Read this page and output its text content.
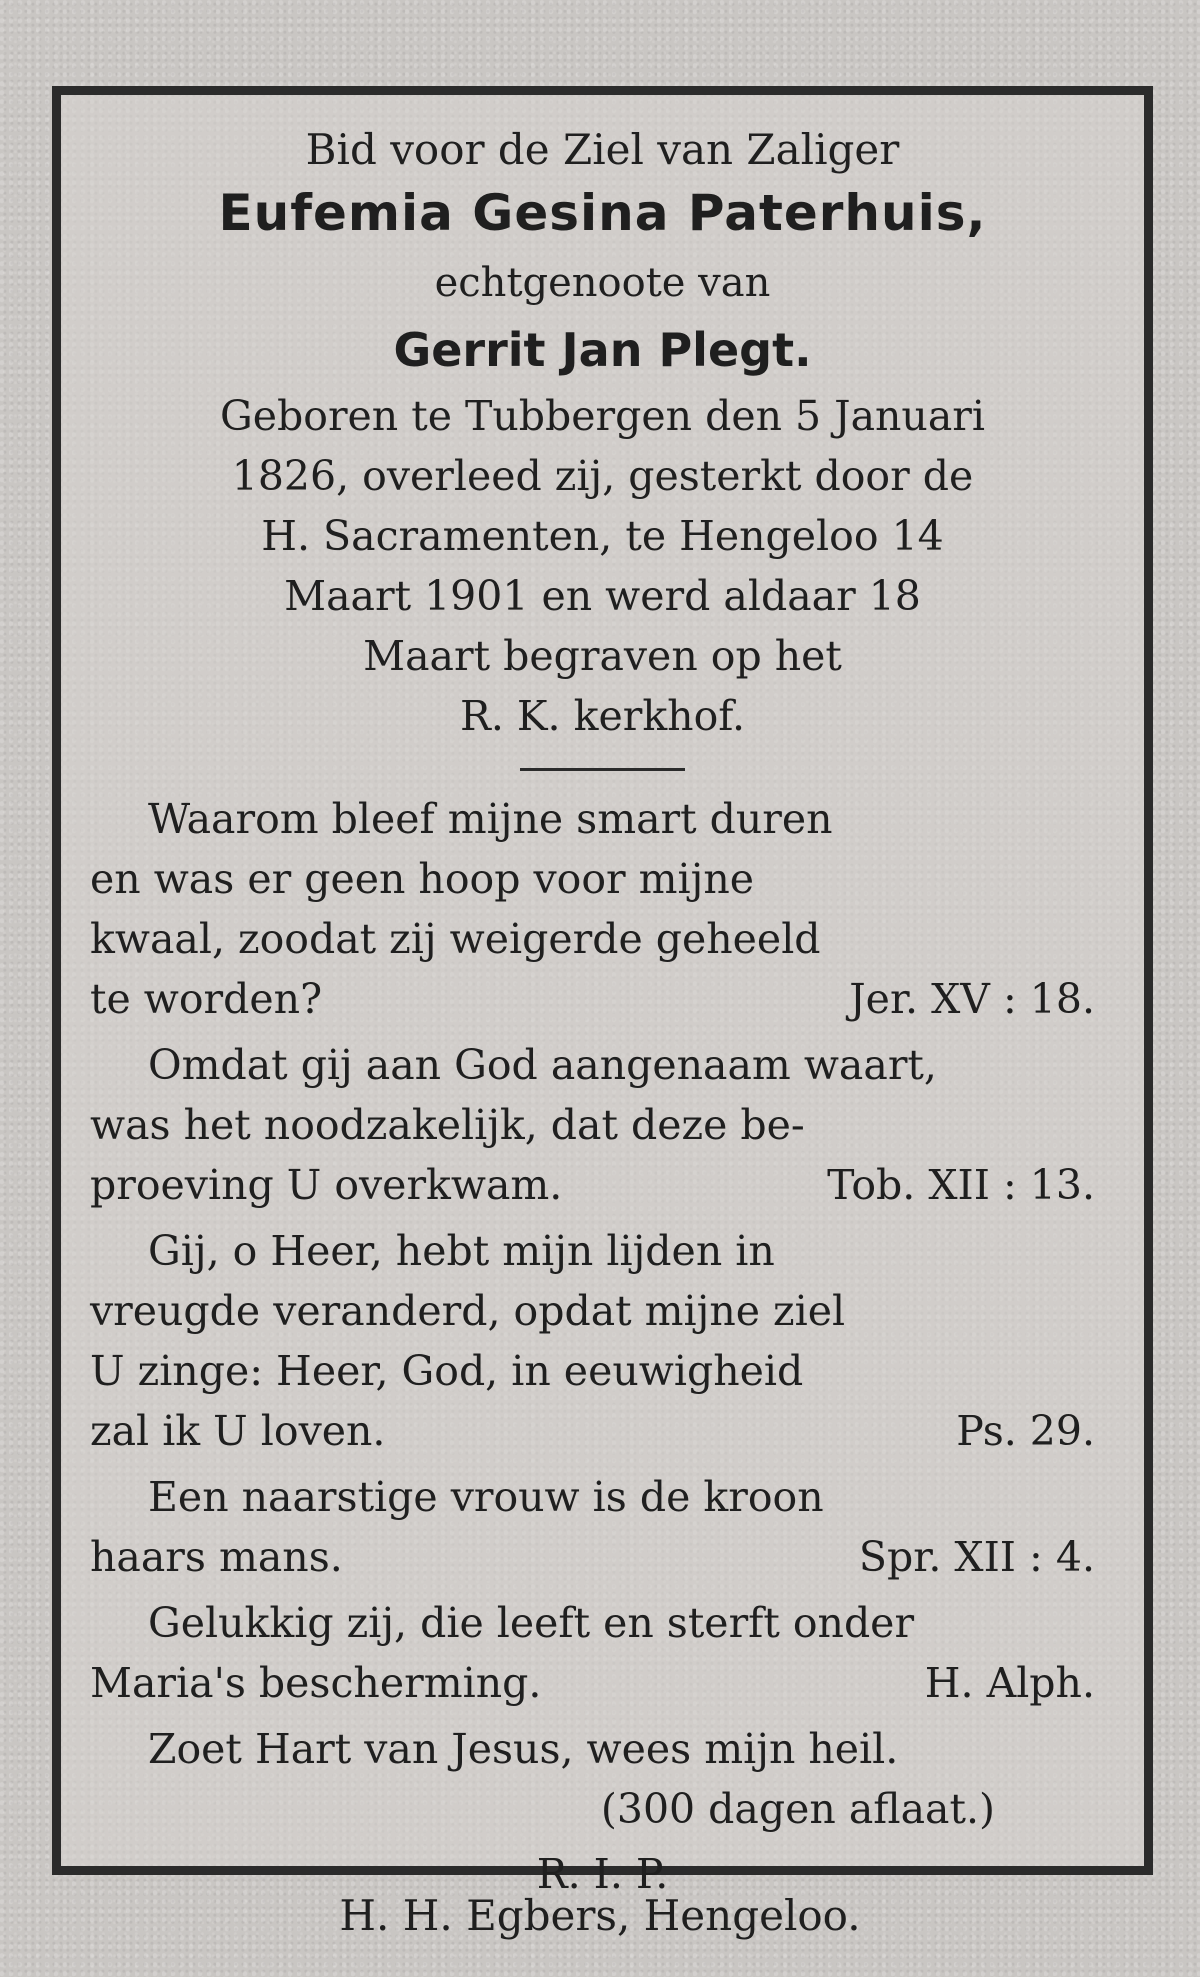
Bid voor de Ziel van Zaliger

Eufemia Gesina Paterhuis,

echtgenoote van

Gerrit Jan Plegt.

Geboren te Tubbergen den 5 Januari
1826, overleed zij, gesterkt door de
H. Sacramenten, te Hengeloo 14
Maart 1901 en werd aldaar 18
Maart begraven op het
R. K. kerkhof.
Waarom bleef mijne smart duren
en was er geen hoop voor mijne
kwaal, zoodat zij weigerde geheeld
te worden?	Jer. XV : 18.
Omdat gij aan God aangenaam waart,
was het noodzakelijk, dat deze be-
proeving U overkwam.	Tob. XII : 13.
Gij, o Heer, hebt mijn lijden in
vreugde veranderd, opdat mijne ziel
U zinge: Heer, God, in eeuwigheid
zal ik U loven.	Ps. 29.
Een naarstige vrouw is de kroon
haars mans.	Spr. XII : 4.
Gelukkig zij, die leeft en sterft onder
Maria's bescherming.	H. Alph.
Zoet Hart van Jesus, wees mijn heil.
(300 dagen aflaat.)
R. I. P.
H. H. Egbers, Hengeloo.
